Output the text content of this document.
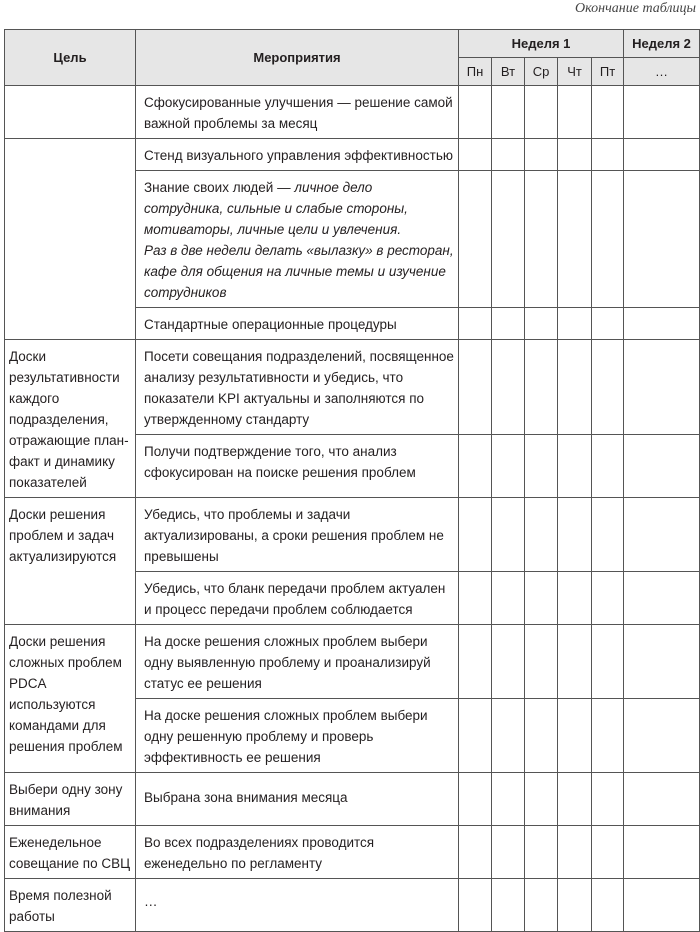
Окончание таблицы
Цель	Мероприятия	Неделя 1					Неделя 2
		Пн	Вт	Ср	Чт	Пт	…
	Сфокусированные улучшения — решение самой важной проблемы за месяц						
	Стенд визуального управления эффективностью						
	Знание своих людей — личное дело сотрудника, сильные и слабые стороны, мотиваторы, личные цели и увлечения.
Раз в две недели делать «вылазку» в ресторан, кафе для общения на личные темы и изучение сотрудников						
	Стандартные операционные процедуры						
Доски результативности каждого подразделения, отражающие план-факт и динамику показателей	Посети совещания подразделений, посвященное анализу результативности и убедись, что показатели KPI актуальны и заполняются по утвержденному стандарту						
	Получи подтверждение того, что анализ сфокусирован на поиске решения проблем						
Доски решения проблем и задач актуализируются	Убедись, что проблемы и задачи актуализированы, а сроки решения проблем не превышены						
	Убедись, что бланк передачи проблем актуален и процесс передачи проблем соблюдается						
Доски решения сложных проблем PDCA используются командами для решения проблем	На доске решения сложных проблем выбери одну выявленную проблему и проанализируй статус ее решения						
	На доске решения сложных проблем выбери одну решенную проблему и проверь эффективность ее решения						
Выбери одну зону внимания	Выбрана зона внимания месяца						
Еженедельное совещание по СВЦ	Во всех подразделениях проводится еженедельно по регламенту						
Время полезной работы	…						
